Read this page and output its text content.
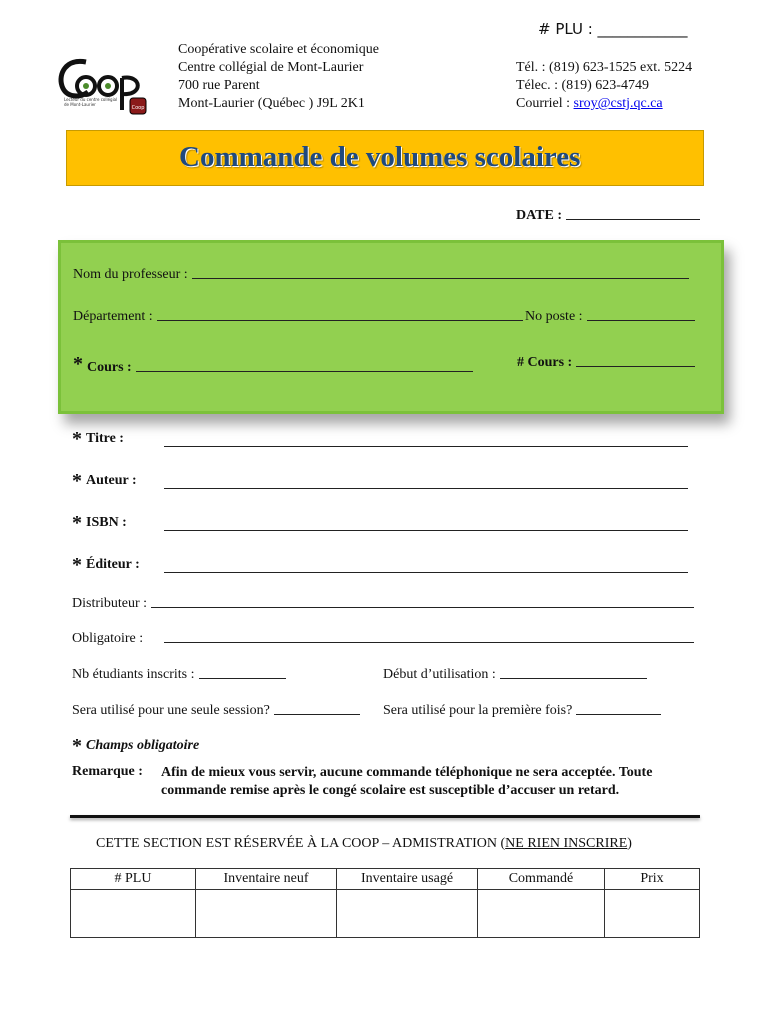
# PLU : ____________
Coop
Lecteur du centre collégial de Mont-Laurier
Coopérative scolaire et économique
Centre collégial de Mont-Laurier
700 rue Parent
Mont-Laurier (Québec ) J9L 2K1
Tél. : (819) 623-1525 ext. 5224
Télec. : (819) 623-4749
Courriel : sroy@cstj.qc.ca
Commande de volumes scolaires
DATE :
Nom du professeur :
Département :	No poste :
* Cours :	# Cours :
* Titre :
* Auteur :
* ISBN :
* Éditeur :
Distributeur :
Obligatoire :
Nb étudiants inscrits :	Début d’utilisation :
Sera utilisé pour une seule session?	Sera utilisé pour la première fois?
* Champs obligatoire
Remarque : Afin de mieux vous servir, aucune commande téléphonique ne sera acceptée. Toute commande remise après le congé scolaire est susceptible d’accuser un retard.
CETTE SECTION EST RÉSERVÉE À LA COOP – ADMISTRATION (NE RIEN INSCRIRE)
# PLU	Inventaire neuf	Inventaire usagé	Commandé	Prix
